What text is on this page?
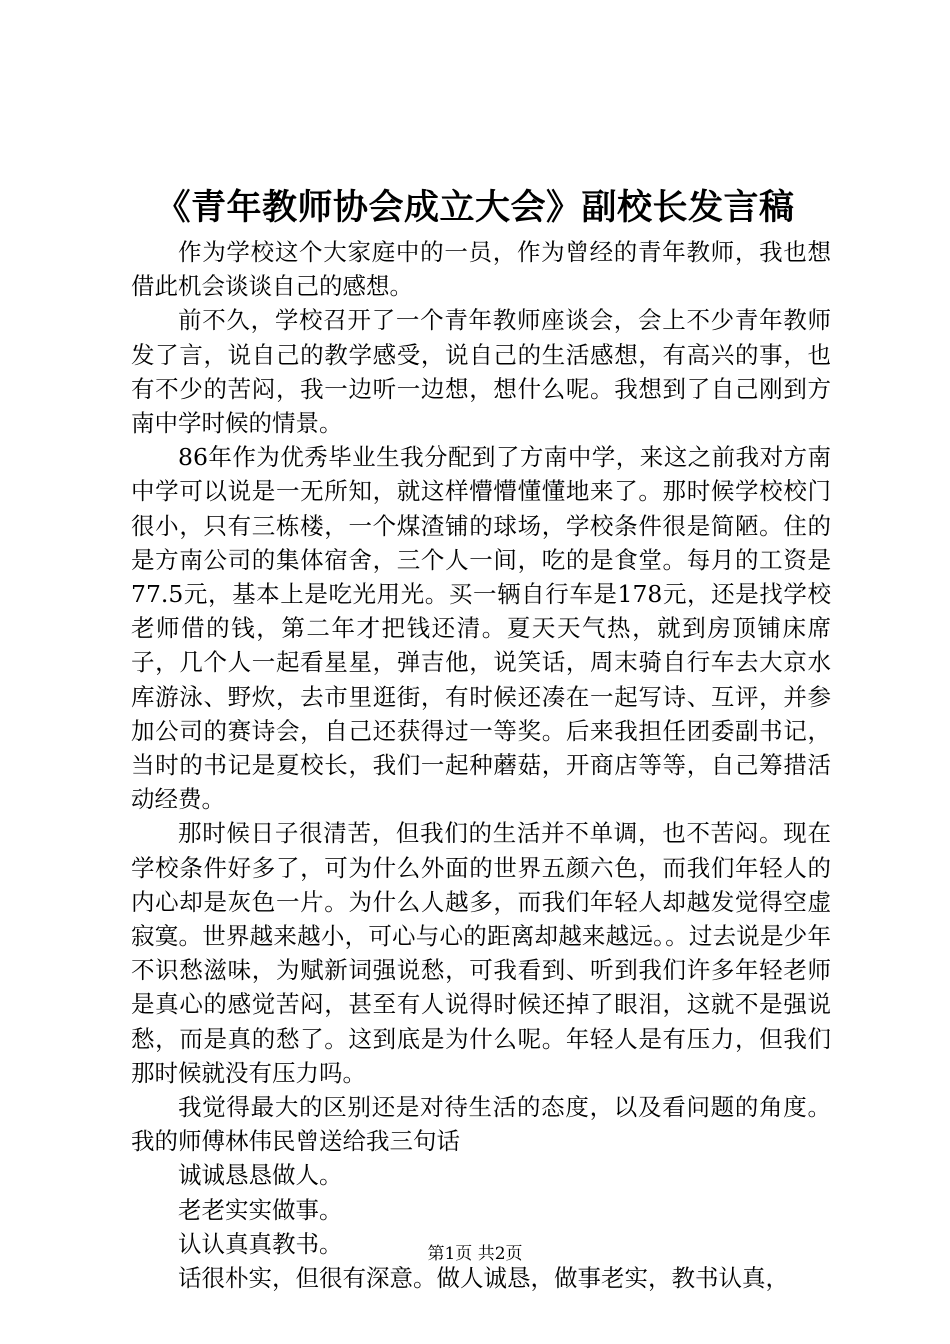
《青年教师协会成立大会》副校长发言稿

作为学校这个大家庭中的一员，作为曾经的青年教师，我也想借此机会谈谈自己的感想。

前不久，学校召开了一个青年教师座谈会，会上不少青年教师发了言，说自己的教学感受，说自己的生活感想，有高兴的事，也有不少的苦闷，我一边听一边想，想什么呢。我想到了自己刚到方南中学时候的情景。

86年作为优秀毕业生我分配到了方南中学，来这之前我对方南中学可以说是一无所知，就这样懵懵懂懂地来了。那时候学校校门很小，只有三栋楼，一个煤渣铺的球场，学校条件很是简陋。住的是方南公司的集体宿舍，三个人一间，吃的是食堂。每月的工资是77.5元，基本上是吃光用光。买一辆自行车是178元，还是找学校老师借的钱，第二年才把钱还清。夏天天气热，就到房顶铺床席子，几个人一起看星星，弹吉他，说笑话，周末骑自行车去大京水库游泳、野炊，去市里逛街，有时候还凑在一起写诗、互评，并参加公司的赛诗会，自己还获得过一等奖。后来我担任团委副书记，当时的书记是夏校长，我们一起种蘑菇，开商店等等，自己筹措活动经费。

那时候日子很清苦，但我们的生活并不单调，也不苦闷。现在学校条件好多了，可为什么外面的世界五颜六色，而我们年轻人的内心却是灰色一片。为什么人越多，而我们年轻人却越发觉得空虚寂寞。世界越来越小，可心与心的距离却越来越远。。过去说是少年不识愁滋味，为赋新词强说愁，可我看到、听到我们许多年轻老师是真心的感觉苦闷，甚至有人说得时候还掉了眼泪，这就不是强说愁，而是真的愁了。这到底是为什么呢。年轻人是有压力，但我们那时候就没有压力吗。

我觉得最大的区别还是对待生活的态度，以及看问题的角度。我的师傅林伟民曾送给我三句话

诚诚恳恳做人。

老老实实做事。

认认真真教书。

话很朴实，但很有深意。做人诚恳，做事老实，教书认真，

第1页 共2页
